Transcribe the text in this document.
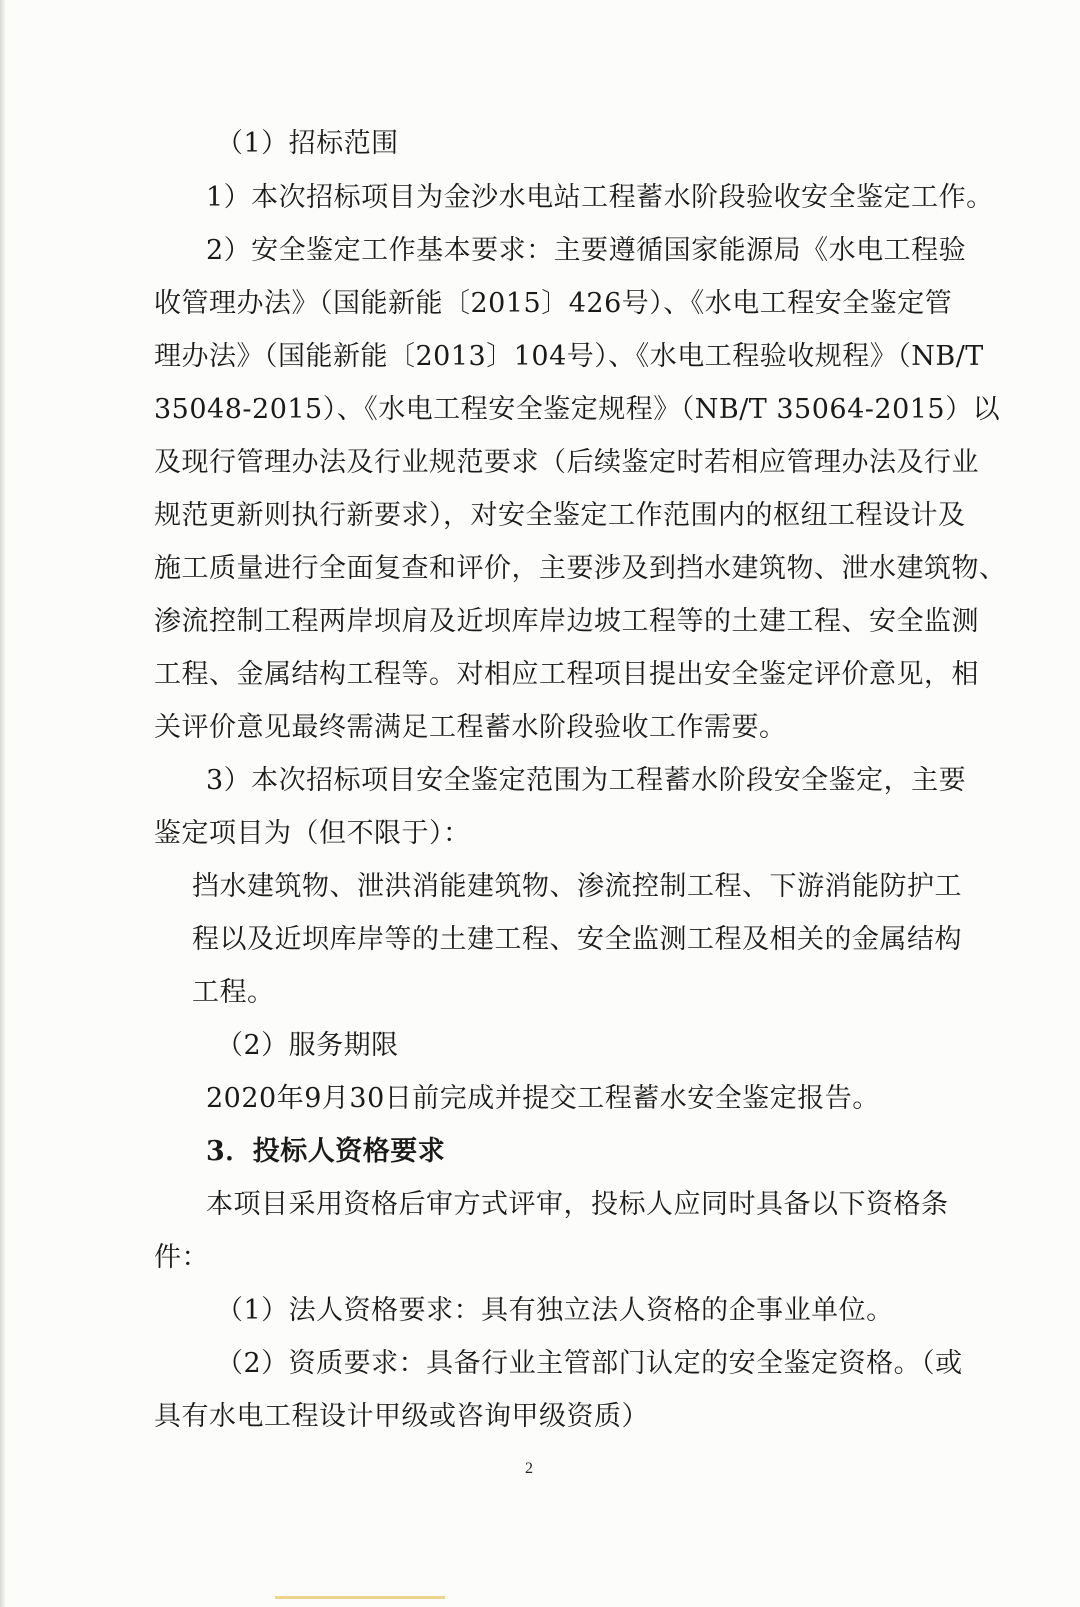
（1）招标范围
1）本次招标项目为金沙水电站工程蓄水阶段验收安全鉴定工作。
2）安全鉴定工作基本要求：主要遵循国家能源局《水电工程验
收管理办法》（国能新能〔2015〕426号）、《水电工程安全鉴定管
理办法》（国能新能〔2013〕104号）、《水电工程验收规程》（NB/T
35048-2015）、《水电工程安全鉴定规程》（NB/T 35064-2015）以
及现行管理办法及行业规范要求（后续鉴定时若相应管理办法及行业
规范更新则执行新要求），对安全鉴定工作范围内的枢纽工程设计及
施工质量进行全面复查和评价，主要涉及到挡水建筑物、泄水建筑物、
渗流控制工程两岸坝肩及近坝库岸边坡工程等的土建工程、安全监测
工程、金属结构工程等。对相应工程项目提出安全鉴定评价意见，相
关评价意见最终需满足工程蓄水阶段验收工作需要。
3）本次招标项目安全鉴定范围为工程蓄水阶段安全鉴定，主要
鉴定项目为（但不限于）：
挡水建筑物、泄洪消能建筑物、渗流控制工程、下游消能防护工
程以及近坝库岸等的土建工程、安全监测工程及相关的金属结构
工程。
（2）服务期限
2020年9月30日前完成并提交工程蓄水安全鉴定报告。
3．投标人资格要求
本项目采用资格后审方式评审，投标人应同时具备以下资格条
件：
（1）法人资格要求：具有独立法人资格的企事业单位。
（2）资质要求：具备行业主管部门认定的安全鉴定资格。（或
具有水电工程设计甲级或咨询甲级资质）
2
